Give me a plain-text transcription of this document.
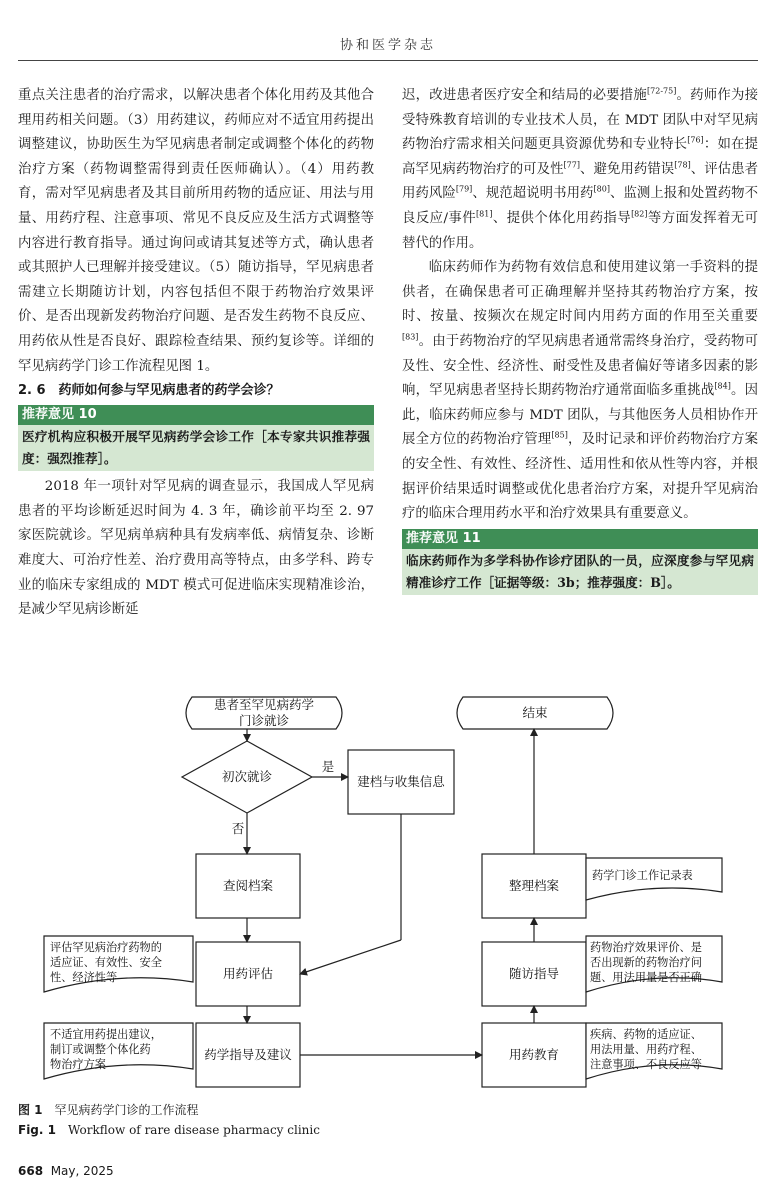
协和医学杂志

重点关注患者的治疗需求，以解决患者个体化用药及其他合理用药相关问题。（3）用药建议，药师应对不适宜用药提出调整建议，协助医生为罕见病患者制定或调整个体化的药物治疗方案（药物调整需得到责任医师确认）。（4）用药教育，需对罕见病患者及其目前所用药物的适应证、用法与用量、用药疗程、注意事项、常见不良反应及生活方式调整等内容进行教育指导。通过询问或请其复述等方式，确认患者或其照护人已理解并接受建议。（5）随访指导，罕见病患者需建立长期随访计划，内容包括但不限于药物治疗效果评价、是否出现新发药物治疗问题、是否发生药物不良反应、用药依从性是否良好、跟踪检查结果、预约复诊等。详细的罕见病药学门诊工作流程见图 1。

2. 6　药师如何参与罕见病患者的药学会诊？

推荐意见 10
医疗机构应积极开展罕见病药学会诊工作［本专家共识推荐强度：强烈推荐］。

2018 年一项针对罕见病的调查显示，我国成人罕见病患者的平均诊断延迟时间为 4. 3 年，确诊前平均至 2. 97 家医院就诊。罕见病单病种具有发病率低、病情复杂、诊断难度大、可治疗性差、治疗费用高等特点，由多学科、跨专业的临床专家组成的 MDT 模式可促进临床实现精准诊治，是减少罕见病诊断延

迟，改进患者医疗安全和结局的必要措施[72-75]。药师作为接受特殊教育培训的专业技术人员，在 MDT 团队中对罕见病药物治疗需求相关问题更具资源优势和专业特长[76]：如在提高罕见病药物治疗的可及性[77]、避免用药错误[78]、评估患者用药风险[79]、规范超说明书用药[80]、监测上报和处置药物不良反应/事件[81]、提供个体化用药指导[82]等方面发挥着无可替代的作用。

临床药师作为药物有效信息和使用建议第一手资料的提供者，在确保患者可正确理解并坚持其药物治疗方案，按时、按量、按频次在规定时间内用药方面的作用至关重要[83]。由于药物治疗的罕见病患者通常需终身治疗，受药物可及性、安全性、经济性、耐受性及患者偏好等诸多因素的影响，罕见病患者坚持长期药物治疗通常面临多重挑战[84]。因此，临床药师应参与 MDT 团队，与其他医务人员相协作开展全方位的药物治疗管理[85]，及时记录和评价药物治疗方案的安全性、有效性、经济性、适用性和依从性等内容，并根据评价结果适时调整或优化患者治疗方案，对提升罕见病治疗的临床合理用药水平和治疗效果具有重要意义。

推荐意见 11
临床药师作为多学科协作诊疗团队的一员，应深度参与罕见病精准诊疗工作［证据等级：3b；推荐强度：B］。
患者至罕见病药学
门诊就诊
初次就诊
是
否
建档与收集信息
查阅档案
用药评估
药学指导及建议
结束
整理档案
随访指导
用药教育
评估罕见病治疗药物的
适应证、有效性、安全
性、经济性等
不适宜用药提出建议，
制订或调整个体化药
物治疗方案
药学门诊工作记录表
药物治疗效果评价、是
否出现新的药物治疗问
题、用法用量是否正确
疾病、药物的适应证、
用法用量、用药疗程、
注意事项、不良反应等
图 1　 罕见病药学门诊的工作流程
Fig. 1　 Workflow of rare disease pharmacy clinic
668 May, 2025
